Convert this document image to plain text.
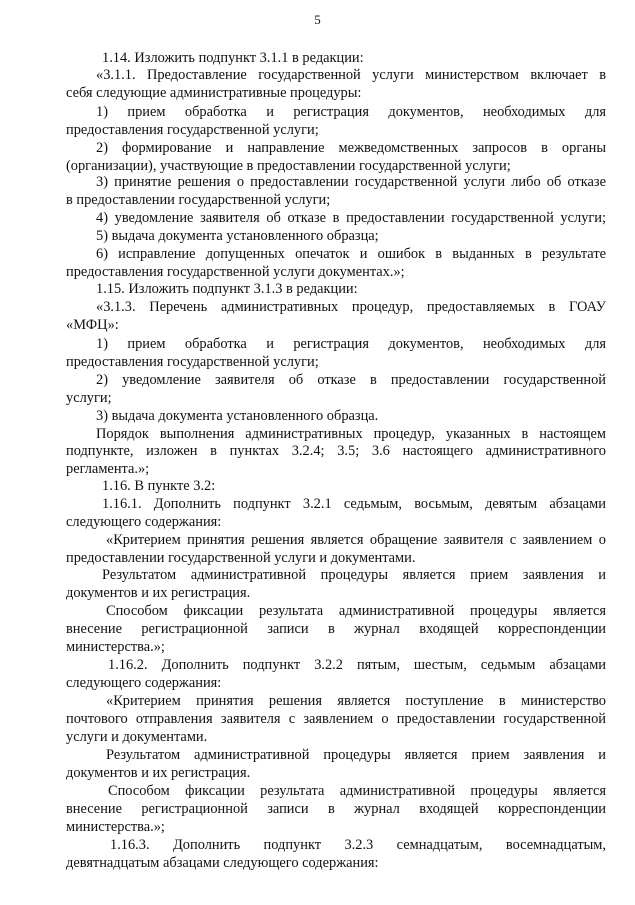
5
1.14. Изложить подпункт 3.1.1 в редакции:
«3.1.1. Предоставление государственной услуги министерством включает в
себя следующие административные процедуры:
1) прием обработка и регистрация документов, необходимых для
предоставления государственной услуги;
2) формирование и направление межведомственных запросов в органы
(организации), участвующие в предоставлении государственной услуги;
3) принятие решения о предоставлении государственной услуги либо об отказе
в предоставлении государственной услуги;
4) уведомление заявителя об отказе в предоставлении государственной услуги;
5) выдача документа установленного образца;
6) исправление допущенных опечаток и ошибок в выданных в результате
предоставления государственной услуги документах.»;
1.15. Изложить подпункт 3.1.3 в редакции:
«3.1.3. Перечень административных процедур, предоставляемых в ГОАУ
«МФЦ»:
1) прием обработка и регистрация документов, необходимых для
предоставления государственной услуги;
2) уведомление заявителя об отказе в предоставлении государственной
услуги;
3) выдача документа установленного образца.
Порядок выполнения административных процедур, указанных в настоящем
подпункте, изложен в пунктах 3.2.4; 3.5; 3.6 настоящего административного
регламента.»;
1.16. В пункте 3.2:
1.16.1. Дополнить подпункт 3.2.1 седьмым, восьмым, девятым абзацами
следующего содержания:
«Критерием принятия решения является обращение заявителя с заявлением о
предоставлении государственной услуги и документами.
Результатом административной процедуры является прием заявления и
документов и их регистрация.
Способом фиксации результата административной процедуры является
внесение регистрационной записи в журнал входящей корреспонденции
министерства.»;
1.16.2. Дополнить подпункт 3.2.2 пятым, шестым, седьмым абзацами
следующего содержания:
«Критерием принятия решения является поступление в министерство
почтового отправления заявителя с заявлением о предоставлении государственной
услуги и документами.
Результатом административной процедуры является прием заявления и
документов и их регистрация.
Способом фиксации результата административной процедуры является
внесение регистрационной записи в журнал входящей корреспонденции
министерства.»;
1.16.3. Дополнить подпункт 3.2.3 семнадцатым, восемнадцатым,
девятнадцатым абзацами следующего содержания:
